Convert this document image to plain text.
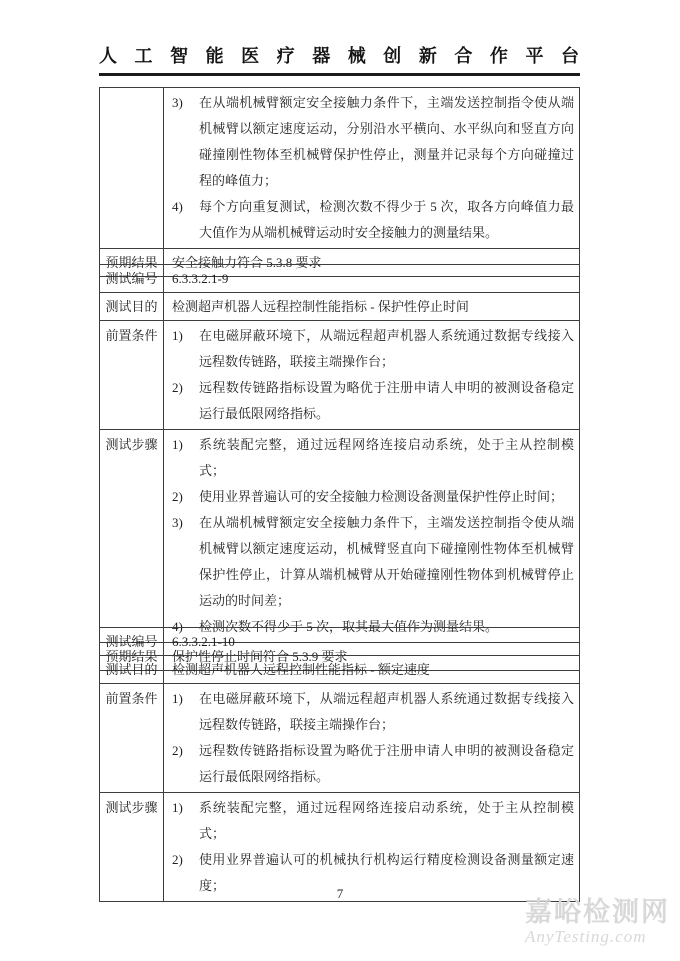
人 工 智 能 医 疗 器 械 创 新 合 作 平 台
3)	在从端机械臂额定安全接触力条件下，主端发送控制指令使从端机械臂以额定速度运动，分别沿水平横向、水平纵向和竖直方向碰撞刚性物体至机械臂保护性停止，测量并记录每个方向碰撞过程的峰值力；
4)	每个方向重复测试，检测次数不得少于 5 次，取各方向峰值力最大值作为从端机械臂运动时安全接触力的测量结果。
预期结果	安全接触力符合 5.3.8 要求
测试编号	6.3.3.2.1-9
测试目的	检测超声机器人远程控制性能指标 - 保护性停止时间
前置条件	1)	在电磁屏蔽环境下，从端远程超声机器人系统通过数据专线接入远程数传链路，联接主端操作台；
2)	远程数传链路指标设置为略优于注册申请人申明的被测设备稳定运行最低限网络指标。
测试步骤	1)	系统装配完整，通过远程网络连接启动系统，处于主从控制模式；
2)	使用业界普遍认可的安全接触力检测设备测量保护性停止时间；
3)	在从端机械臂额定安全接触力条件下，主端发送控制指令使从端机械臂以额定速度运动，机械臂竖直向下碰撞刚性物体至机械臂保护性停止，计算从端机械臂从开始碰撞刚性物体到机械臂停止运动的时间差；
4)	检测次数不得少于 5 次，取其最大值作为测量结果。
预期结果	保护性停止时间符合 5.3.9 要求
测试编号	6.3.3.2.1-10
测试目的	检测超声机器人远程控制性能指标 - 额定速度
前置条件	1)	在电磁屏蔽环境下，从端远程超声机器人系统通过数据专线接入远程数传链路，联接主端操作台；
2)	远程数传链路指标设置为略优于注册申请人申明的被测设备稳定运行最低限网络指标。
测试步骤	1)	系统装配完整，通过远程网络连接启动系统，处于主从控制模式；
2)	使用业界普遍认可的机械执行机构运行精度检测设备测量额定速度；
7
嘉峪检测网
AnyTesting.com
